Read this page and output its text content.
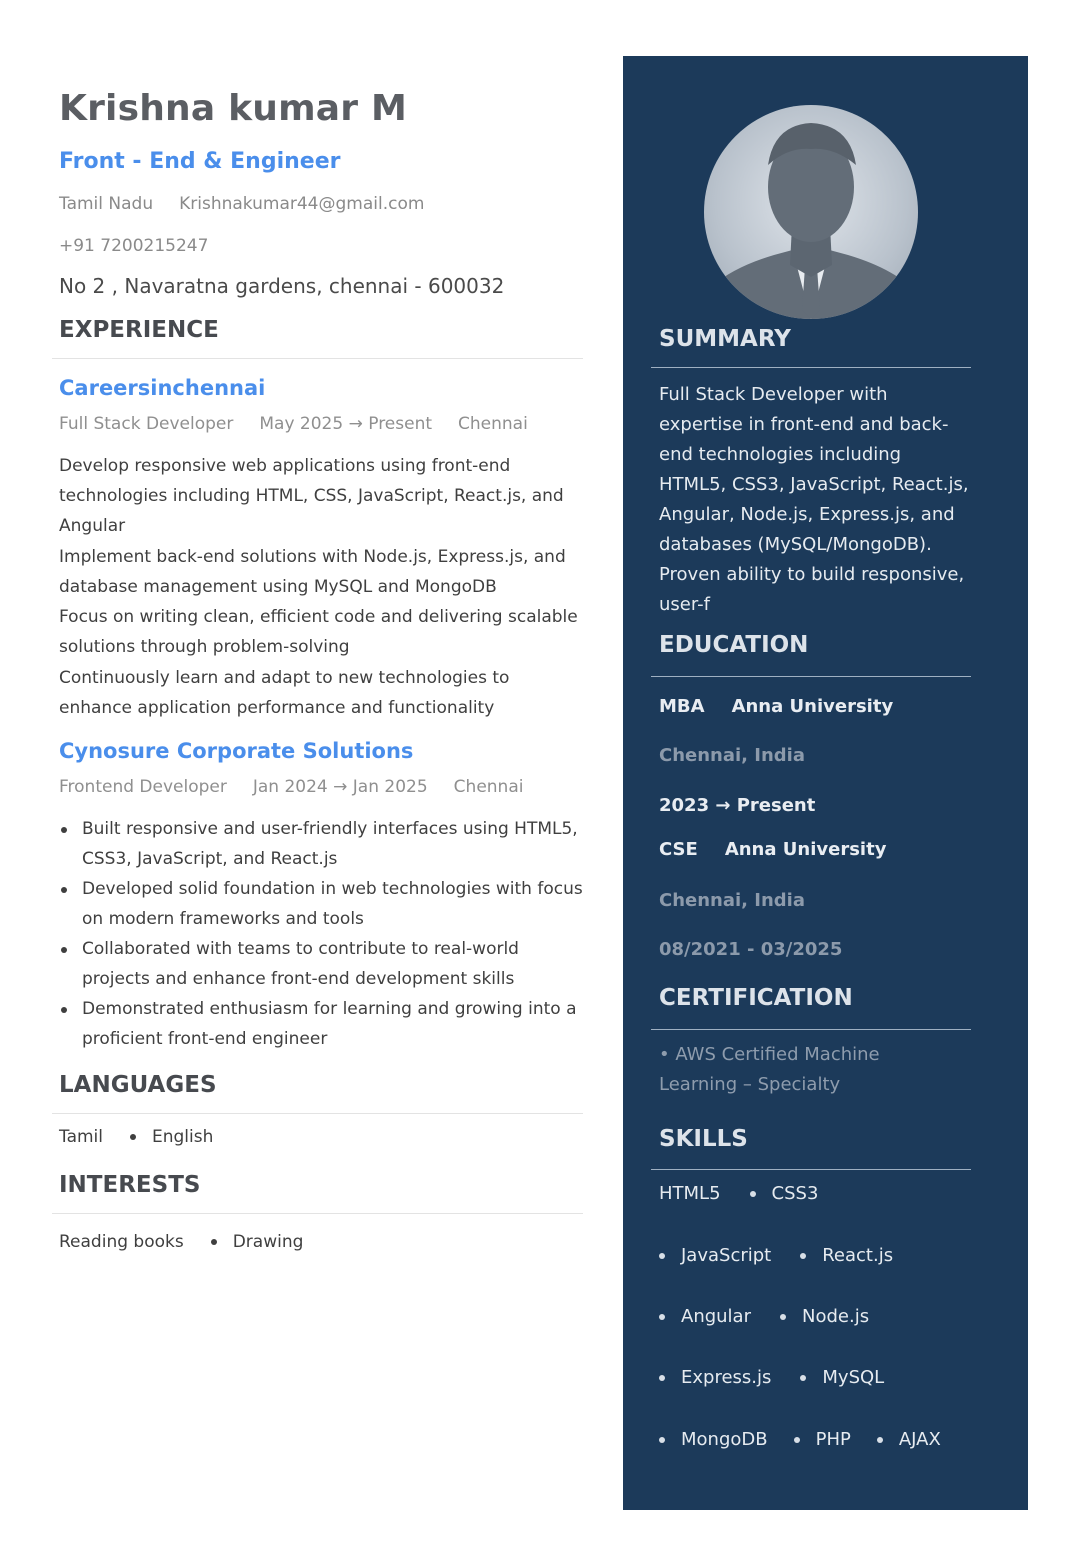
Krishna kumar M
Front - End & Engineer
Tamil Nadu Krishnakumar44@gmail.com
+91 7200215247
No 2 , Navaratna gardens, chennai - 600032
EXPERIENCE
Careersinchennai
Full Stack Developer May 2025 → Present Chennai

Develop responsive web applications using front-end technologies including HTML, CSS, JavaScript, React.js, and Angular

Implement back-end solutions with Node.js, Express.js, and database management using MySQL and MongoDB

Focus on writing clean, efficient code and delivering scalable solutions through problem-solving

Continuously learn and adapt to new technologies to enhance application performance and functionality

Cynosure Corporate Solutions
Frontend Developer Jan 2024 → Jan 2025 Chennai
Built responsive and user-friendly interfaces using HTML5, CSS3, JavaScript, and React.js
Developed solid foundation in web technologies with focus on modern frameworks and tools
Collaborated with teams to contribute to real-world projects and enhance front-end development skills
Demonstrated enthusiasm for learning and growing into a proficient front-end engineer
LANGUAGES
Tamil	English
INTERESTS
Reading books	Drawing
SUMMARY
Full Stack Developer with expertise in front-end and back-end technologies including HTML5, CSS3, JavaScript, React.js, Angular, Node.js, Express.js, and databases (MySQL/MongoDB). Proven ability to build responsive, user-f
EDUCATION
MBA Anna University
Chennai, India
2023 → Present
CSE Anna University
Chennai, India
08/2021 - 03/2025
CERTIFICATION
• AWS Certified Machine Learning – Specialty
SKILLS
HTML5	CSS3
JavaScript	React.js
Angular	Node.js
Express.js	MySQL
MongoDB	PHP	AJAX
